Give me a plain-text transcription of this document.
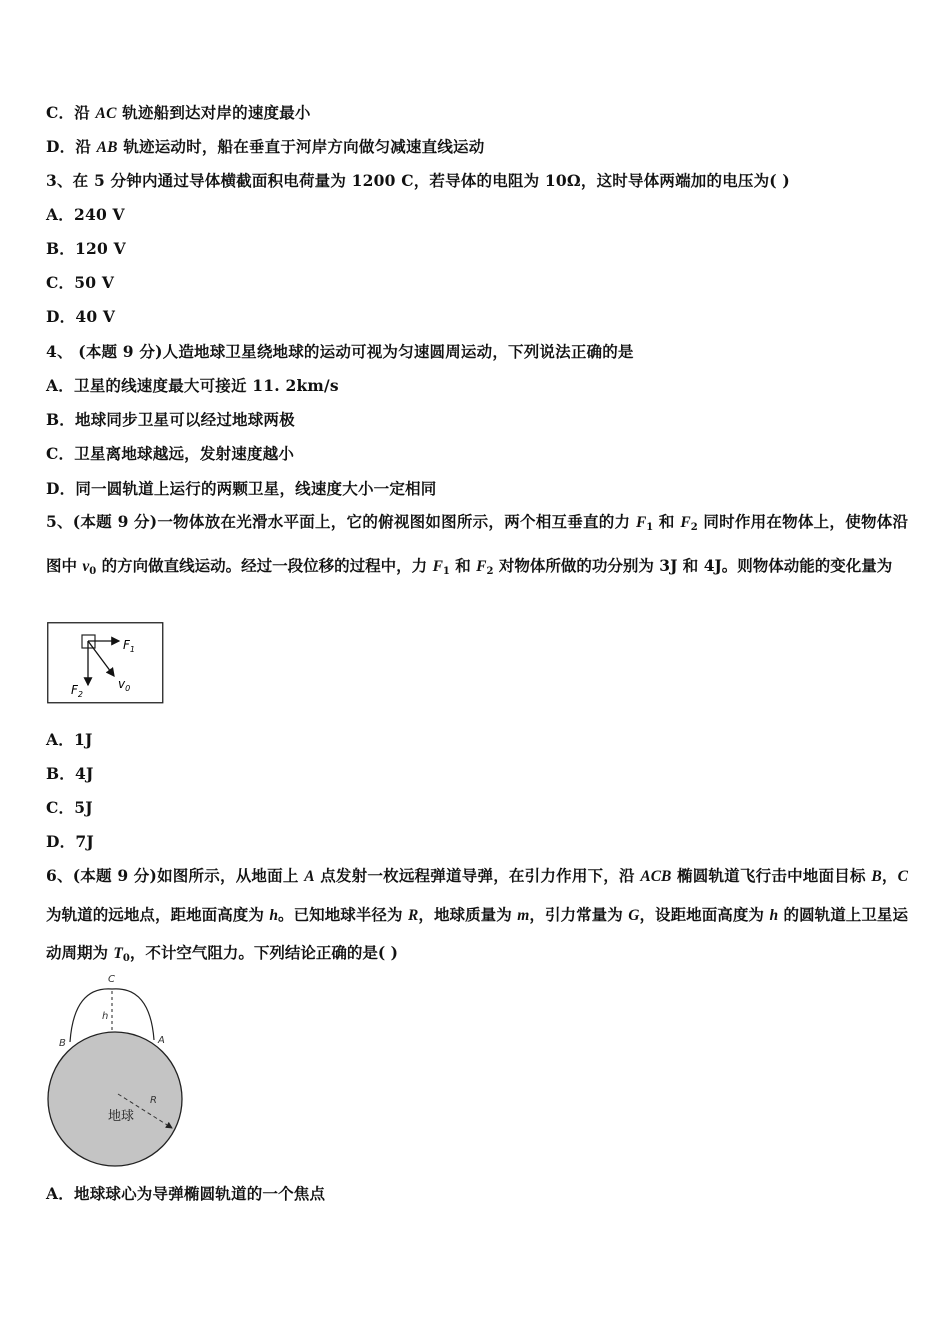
C．沿 AC 轨迹船到达对岸的速度最小
D．沿 AB 轨迹运动时，船在垂直于河岸方向做匀减速直线运动
3、在 5 分钟内通过导体横截面积电荷量为 1200 C，若导体的电阻为 10Ω，这时导体两端加的电压为( )
A．240 V
B．120 V
C．50 V
D．40 V
4、 (本题 9 分)人造地球卫星绕地球的运动可视为匀速圆周运动，下列说法正确的是
A．卫星的线速度最大可接近 11. 2km/s
B．地球同步卫星可以经过地球两极
C．卫星离地球越远，发射速度越小
D．同一圆轨道上运行的两颗卫星，线速度大小一定相同
5、(本题 9 分)一物体放在光滑水平面上，它的俯视图如图所示，两个相互垂直的力 $F_1$ 和 $F_2$ 同时作用在物体上，使物体沿图中 $v_0$ 的方向做直线运动。经过一段位移的过程中，力 $F_1$ 和 $F_2$ 对物体所做的功分别为 3J 和 4J。则物体动能的变化量为
$F_1$
$F_2$
$v_0$
A．1J
B．4J
C．5J
D．7J
6、(本题 9 分)如图所示，从地面上 A 点发射一枚远程弹道导弹，在引力作用下，沿 ACB 椭圆轨道飞行击中地面目标 B，C 为轨道的远地点，距地面高度为 h。已知地球半径为 R，地球质量为 m，引力常量为 G，设距地面高度为 h 的圆轨道上卫星运动周期为 $T_0$，不计空气阻力。下列结论正确的是( )
C
h
B	A
R
地球
A．地球球心为导弹椭圆轨道的一个焦点
